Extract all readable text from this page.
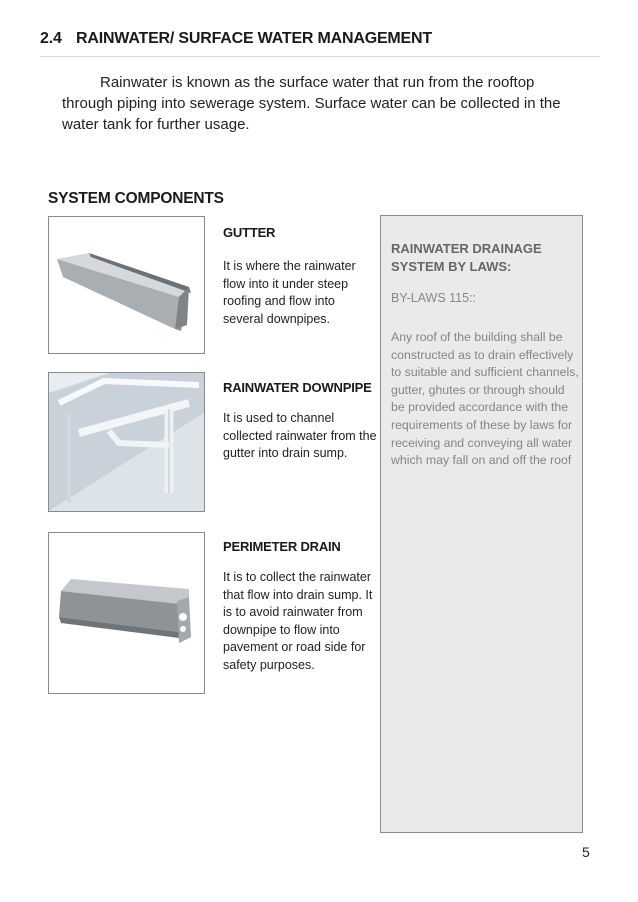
2.4 RAINWATER/ SURFACE WATER MANAGEMENT

Rainwater is known as the surface water that run from the rooftop through piping into sewerage system. Surface water can be collected in the water tank for further usage.

SYSTEM COMPONENTS
GUTTER
It is where the rainwater flow into it under steep roofing and flow into several downpipes.
RAINWATER DOWNPIPE
It is used to channel collected rainwater from the gutter into drain sump.
PERIMETER DRAIN
It is to collect the rainwater that flow into drain sump. It is to avoid rainwater from downpipe to flow into pavement or road side for safety purposes.
RAINWATER DRAINAGE SYSTEM BY LAWS:
BY-LAWS 115::
Any roof of the building shall be constructed as to drain effectively to suitable and sufficient channels, gutter, ghutes or through should be provided accordance with the requirements of these by laws for receiving and conveying all water which may fall on and off the roof
5
